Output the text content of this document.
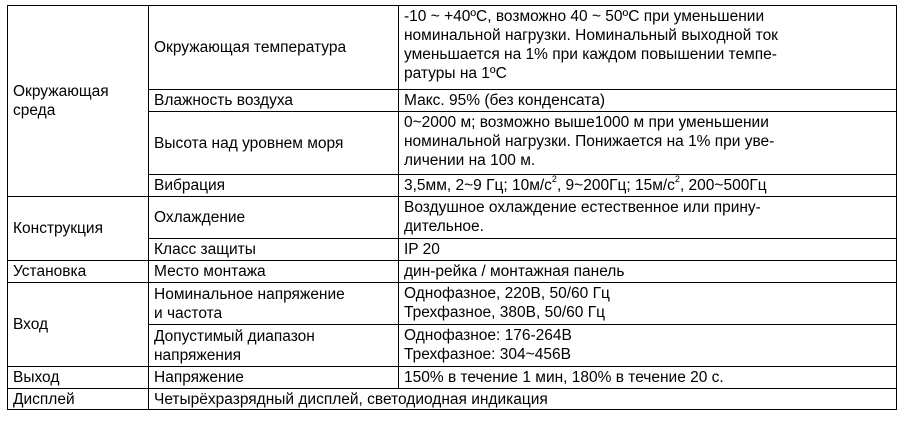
Окружающая среда	Окружающая температура	-10 ~ +40ºC, возможно 40 ~ 50ºC при уменьшении
номинальной нагрузки. Номинальный выходной ток
уменьшается на 1% при каждом повышении темпе-
ратуры на 1ºC

	Влажность воздуха	Макс. 95% (без конденсата)

	Высота над уровнем моря	0~2000 м; возможно выше1000 м при уменьшении
номинальной нагрузки. Понижается на 1% при уве-
личении на 100 м.

	Вибрация	3,5мм, 2~9 Гц; $10м/с^2$, 9~200Гц; $15м/с^2$, 200~500Гц

Конструкция	Охлаждение	Воздушное охлаждение естественное или прину-
дительное.

	Класс защиты	IP 20

Установка	Место монтажа	дин-рейка / монтажная панель

Вход	Номинальное напряжение
и частота	Однофазное, 220В, 50/60 Гц
Трехфазное, 380В, 50/60 Гц

	Допустимый диапазон
напряжения	Однофазное: 176-264В
Трехфазное: 304~456В

Выход	Напряжение	150% в течение 1 мин, 180% в течение 20 с.

Дисплей	Четырёхразрядный дисплей, светодиодная индикация	
